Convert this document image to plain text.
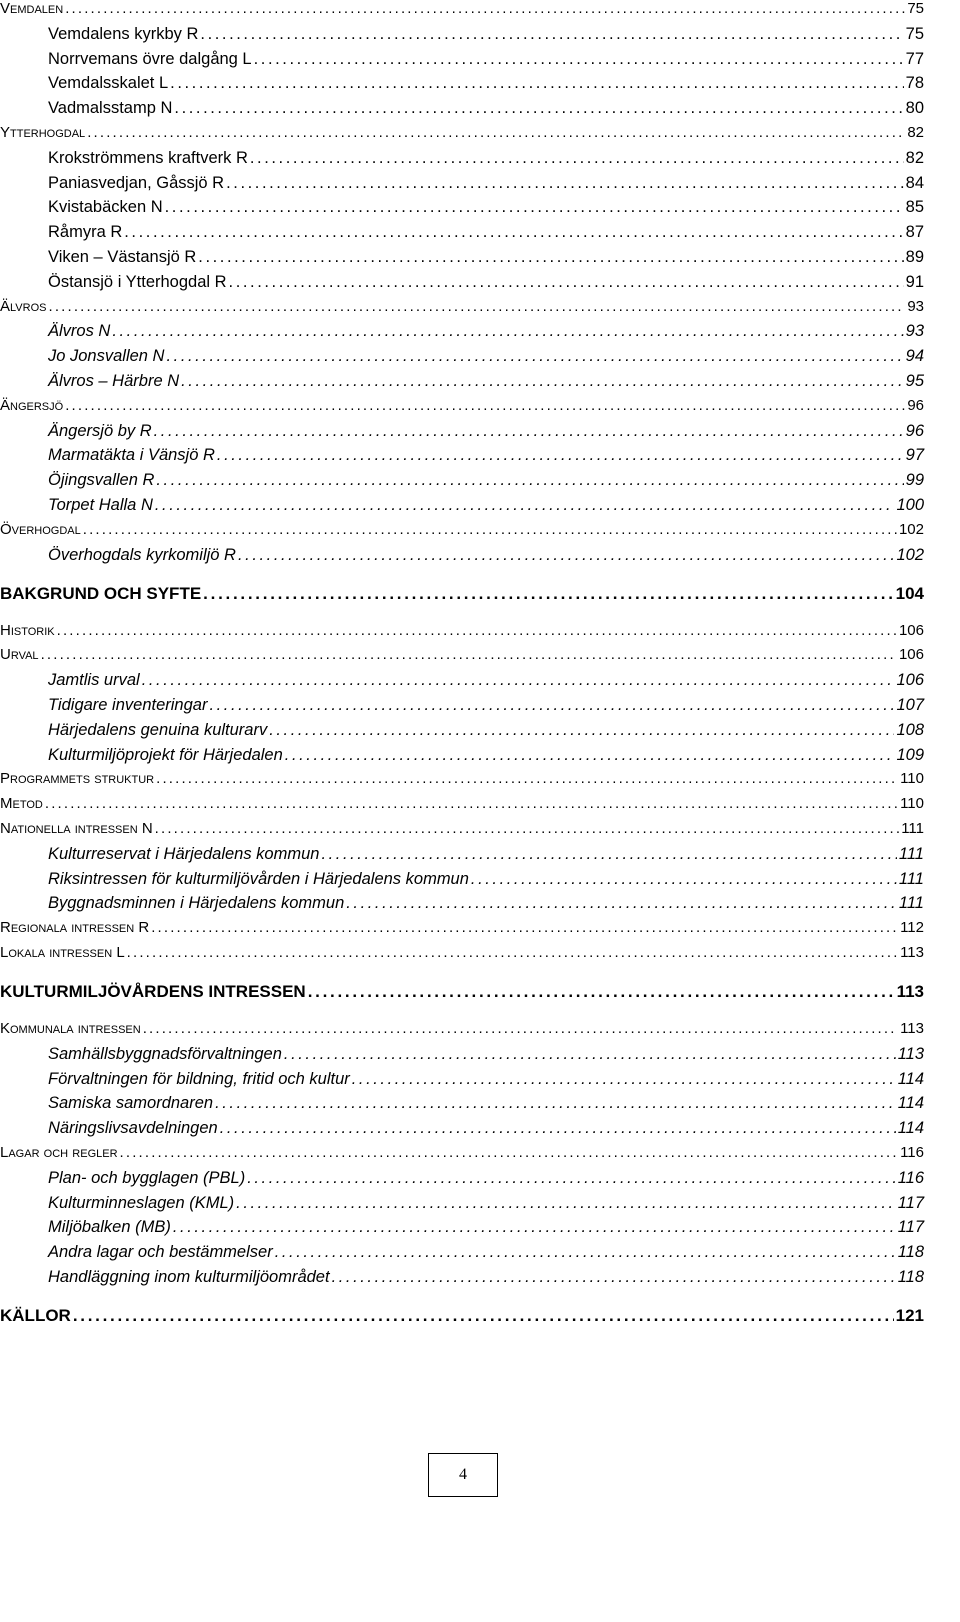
Vemdalen . . .	75
Vemdalens kyrkby R . . .	75
Norrvemans övre dalgång L . . .	77
Vemdalsskalet L . . .	78
Vadmalsstamp N . . .	80
Ytterhogdal . . .	82
Krokströmmens kraftverk R . . .	82
Paniasvedjan, Gåssjö R . . .	84
Kvistabäcken N . . .	85
Råmyra R . . .	87
Viken – Västansjö R . . .	89
Östansjö i Ytterhogdal R . . .	91
Älvros . . .	93
Älvros N . . .	93
Jo Jonsvallen N . . .	94
Älvros – Härbre N . . .	95
Ängersjö . . .	96
Ängersjö by R . . .	96
Marmatäkta i Vänsjö R . . .	97
Öjingsvallen R . . .	99
Torpet Halla N . . .	100
Överhogdal . . .	102
Överhogdals kyrkomiljö R . . .	102
BAKGRUND OCH SYFTE . . .	104
Historik . . .	106
Urval . . .	106
Jamtlis urval . . .	106
Tidigare inventeringar . . .	107
Härjedalens genuina kulturarv . . .	108
Kulturmiljöprojekt för Härjedalen . . .	109
Programmets struktur . . .	110
Metod . . .	110
Nationella intressen N . . .	111
Kulturreservat i Härjedalens kommun . . .	111
Riksintressen för kulturmiljövården i Härjedalens kommun . . .	111
Byggnadsminnen i Härjedalens kommun . . .	111
Regionala intressen R . . .	112
Lokala intressen L . . .	113
KULTURMILJÖVÅRDENS INTRESSEN . . .	113
Kommunala intressen . . .	113
Samhällsbyggnadsförvaltningen . . .	113
Förvaltningen för bildning, fritid och kultur . . .	114
Samiska samordnaren . . .	114
Näringslivsavdelningen . . .	114
Lagar och regler . . .	116
Plan- och bygglagen (PBL) . . .	116
Kulturminneslagen (KML) . . .	117
Miljöbalken (MB) . . .	117
Andra lagar och bestämmelser . . .	118
Handläggning inom kulturmiljöområdet . . .	118
KÄLLOR . . .	121
4
